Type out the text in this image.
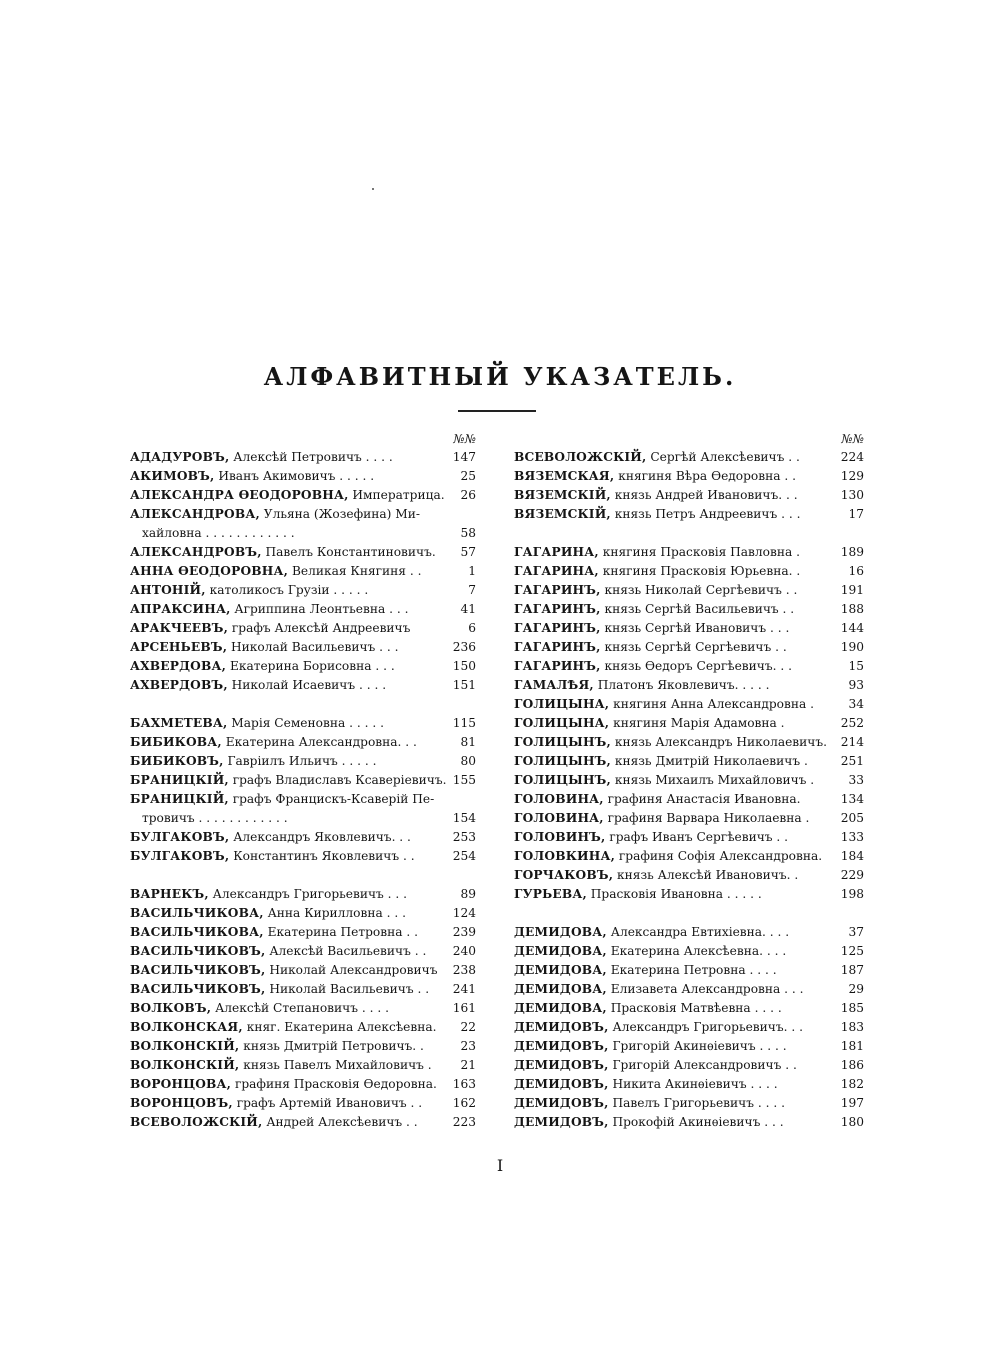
АЛФАВИТНЫЙ УКАЗАТЕЛЬ.
№№
АДАДУРОВЪ, Алексѣй Петровичъ . . . .	147
АКИМОВЪ, Иванъ Акимовичъ . . . . .	25
АЛЕКСАНДРА ӨЕОДОРОВНА, Императрица.	26
АЛЕКСАНДРОВА, Ульяна (Жозефина) Ми-
хайловна . . . . . . . . . . . .	58
АЛЕКСАНДРОВЪ, Павелъ Константиновичъ.	57
АННА ӨЕОДОРОВНА, Великая Княгиня . .	1
АНТОНІЙ, католикосъ Грузіи . . . . .	7
АПРАКСИНА, Агриппина Леонтьевна . . .	41
АРАКЧЕЕВЪ, графъ Алексѣй Андреевичъ	6
АРСЕНЬЕВЪ, Николай Васильевичъ . . .	236
АХВЕРДОВА, Екатерина Борисовна . . .	150
АХВЕРДОВЪ, Николай Исаевичъ . . . .	151
БАХМЕТЕВА, Марія Семеновна . . . . .	115
БИБИКОВА, Екатерина Александровна. . .	81
БИБИКОВЪ, Гавріилъ Ильичъ . . . . .	80
БРАНИЦКІЙ, графъ Владиславъ Ксаверіевичъ. 155
БРАНИЦКІЙ, графъ Францискъ-Ксаверій Пе-
тровичъ . . . . . . . . . . . .	154
БУЛГАКОВЪ, Александръ Яковлевичъ. . .	253
БУЛГАКОВЪ, Константинъ Яковлевичъ . .	254
ВАРНЕКЪ, Александръ Григорьевичъ . . .	89
ВАСИЛЬЧИКОВА, Анна Кирилловна . . .	124
ВАСИЛЬЧИКОВА, Екатерина Петровна . .	239
ВАСИЛЬЧИКОВЪ, Алексѣй Васильевичъ . .	240
ВАСИЛЬЧИКОВЪ, Николай Александровичъ	238
ВАСИЛЬЧИКОВЪ, Николай Васильевичъ . .	241
ВОЛКОВЪ, Алексѣй Степановичъ . . . .	161
ВОЛКОНСКАЯ, княг. Екатерина Алексѣевна.	22
ВОЛКОНСКІЙ, князь Дмитрій Петровичъ. .	23
ВОЛКОНСКІЙ, князь Павелъ Михайловичъ .	21
ВОРОНЦОВА, графиня Прасковія Өедоровна.	163
ВОРОНЦОВЪ, графъ Артемій Ивановичъ . .	162
ВСЕВОЛОЖСКІЙ, Андрей Алексѣевичъ . .	223
№№
ВСЕВОЛОЖСКІЙ, Сергѣй Алексѣевичъ . .	224
ВЯЗЕМСКАЯ, княгиня Вѣра Өедоровна . .	129
ВЯЗЕМСКІЙ, князь Андрей Ивановичъ. . .	130
ВЯЗЕМСКІЙ, князь Петръ Андреевичъ . . .	17
ГАГАРИНА, княгиня Прасковія Павловна .	189
ГАГАРИНА, княгиня Прасковія Юрьевна. .	16
ГАГАРИНЪ, князь Николай Сергѣевичъ . .	191
ГАГАРИНЪ, князь Сергѣй Васильевичъ . .	188
ГАГАРИНЪ, князь Сергѣй Ивановичъ . . .	144
ГАГАРИНЪ, князь Сергѣй Сергѣевичъ . .	190
ГАГАРИНЪ, князь Өедоръ Сергѣевичъ. . .	15
ГАМАЛѢЯ, Платонъ Яковлевичъ. . . . .	93
ГОЛИЦЫНА, княгиня Анна Александровна .	34
ГОЛИЦЫНА, княгиня Марія Адамовна .	252
ГОЛИЦЫНЪ, князь Александръ Николаевичъ.	214
ГОЛИЦЫНЪ, князь Дмитрій Николаевичъ .	251
ГОЛИЦЫНЪ, князь Михаилъ Михайловичъ .	33
ГОЛОВИНА, графиня Анастасія Ивановна.	134
ГОЛОВИНА, графиня Варвара Николаевна .	205
ГОЛОВИНЪ, графъ Иванъ Сергѣевичъ . .	133
ГОЛОВКИНА, графиня Софія Александровна.	184
ГОРЧАКОВЪ, князь Алексѣй Ивановичъ. .	229
ГУРЬЕВА, Прасковія Ивановна . . . . .	198
ДЕМИДОВА, Александра Евтихіевна. . . .	37
ДЕМИДОВА, Екатерина Алексѣевна. . . .	125
ДЕМИДОВА, Екатерина Петровна . . . .	187
ДЕМИДОВА, Елизавета Александровна . . .	29
ДЕМИДОВА, Прасковія Матвѣевна . . . .	185
ДЕМИДОВЪ, Александръ Григорьевичъ. . .	183
ДЕМИДОВЪ, Григорій Акинѳіевичъ . . . .	181
ДЕМИДОВЪ, Григорій Александровичъ . .	186
ДЕМИДОВЪ, Никита Акинѳіевичъ . . . .	182
ДЕМИДОВЪ, Павелъ Григорьевичъ . . . .	197
ДЕМИДОВЪ, Прокофій Акинѳіевичъ . . .	180
I
